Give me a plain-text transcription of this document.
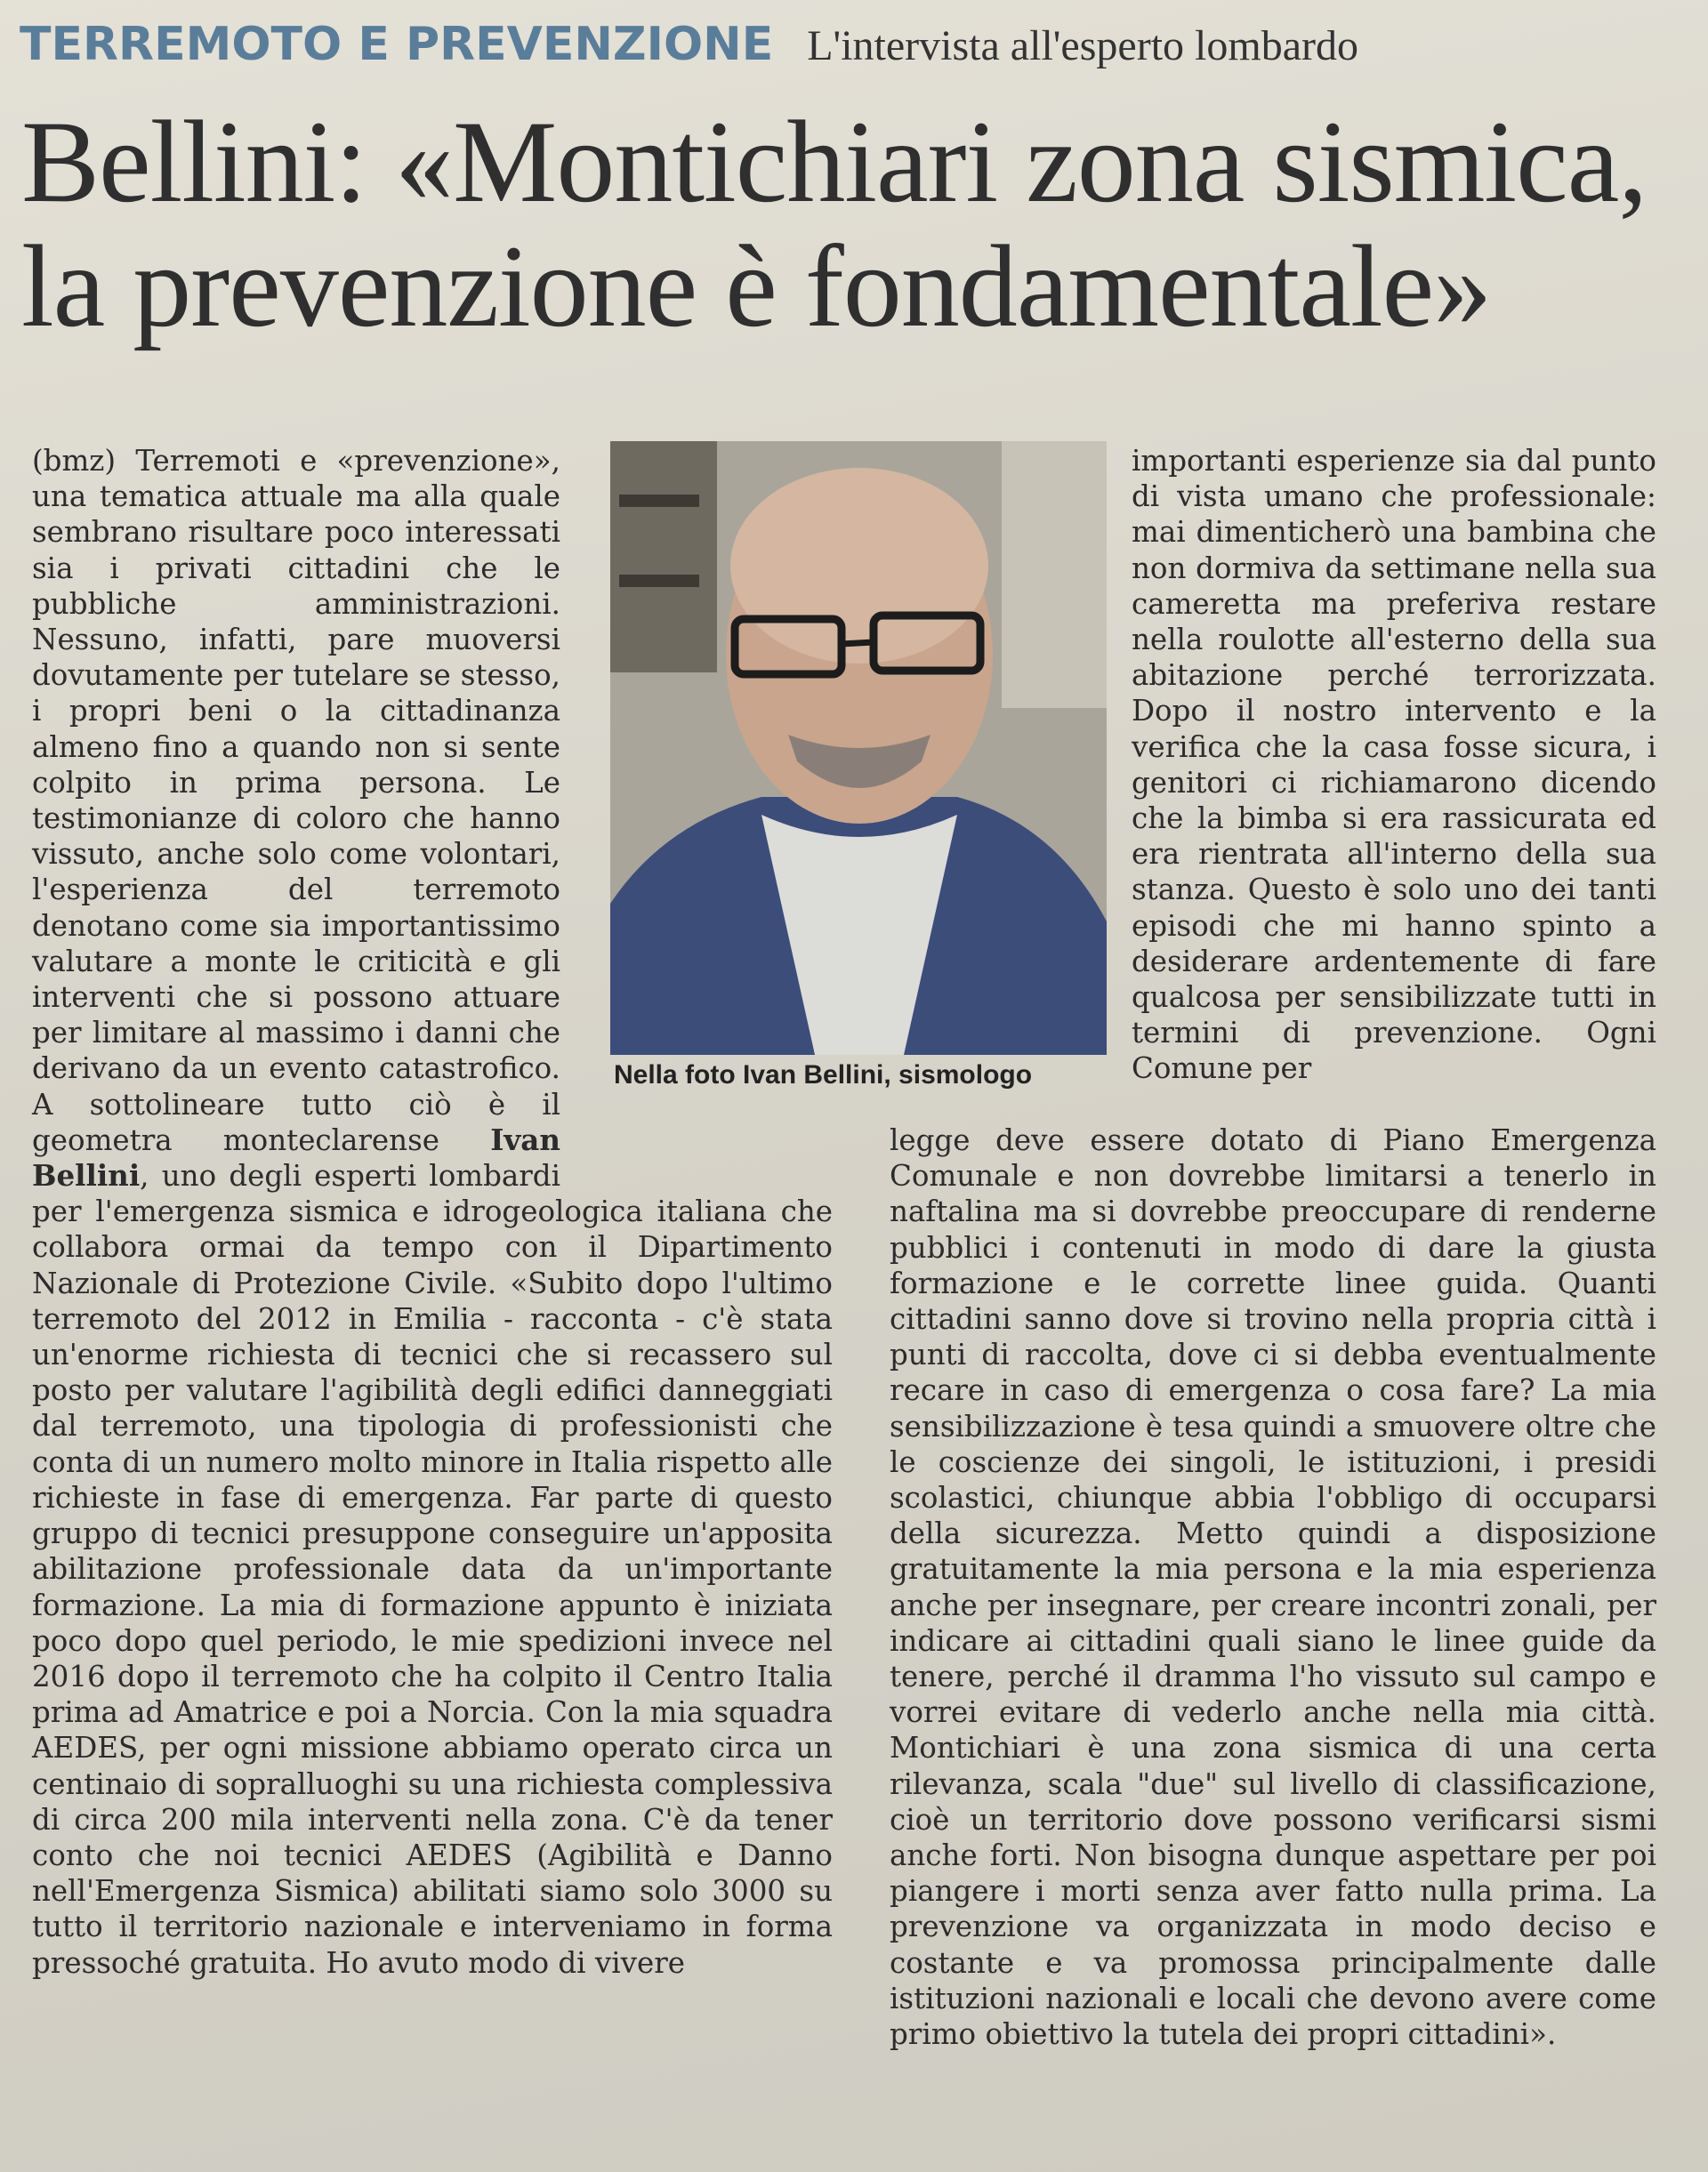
TERREMOTO E PREVENZIONE L'intervista all'esperto lombardo
Bellini: «Montichiari zona sismica,
la prevenzione è fondamentale»

(bmz) Terremoti e «prevenzione», una tematica attuale ma alla quale sembrano risultare poco interessati sia i privati cittadini che le pubbliche amministrazioni. Nessuno, infatti, pare muoversi dovutamente per tutelare se stesso, i propri beni o la cittadinanza almeno fino a quando non si sente colpito in prima persona. Le testimonianze di coloro che hanno vissuto, anche solo come volontari, l'esperienza del terremoto denotano come sia importantissimo valutare a monte le criticità e gli interventi che si possono attuare per limitare al massimo i danni che derivano da un evento catastrofico. A sottolineare tutto ciò è il geometra monteclarense Ivan Bellini, uno degli esperti lombardi per l'emergenza sismica e idrogeologica italiana che collabora ormai da tempo con il Dipartimento Nazionale di Protezione Civile. «Subito dopo l'ultimo terremoto del 2012 in Emilia - racconta - c'è stata un'enorme richiesta di tecnici che si recassero sul posto per valutare l'agibilità degli edifici danneggiati dal terremoto, una tipologia di professionisti che conta di un numero molto minore in Italia rispetto alle richieste in fase di emergenza. Far parte di questo gruppo di tecnici presuppone conseguire un'apposita abilitazione professionale data da un'importante formazione. La mia di formazione appunto è iniziata poco dopo quel periodo, le mie spedizioni invece nel 2016 dopo il terremoto che ha colpito il Centro Italia prima ad Amatrice e poi a Norcia. Con la mia squadra AEDES, per ogni missione abbiamo operato circa un centinaio di sopralluoghi su una richiesta complessiva di circa 200 mila interventi nella zona. C'è da tener conto che noi tecnici AEDES (Agibilità e Danno nell'Emergenza Sismica) abilitati siamo solo 3000 su tutto il territorio nazionale e interveniamo in forma pressoché gratuita. Ho avuto modo di vivere

Nella foto Ivan Bellini, sismologo

importanti esperienze sia dal punto di vista umano che professionale: mai dimenticherò una bambina che non dormiva da settimane nella sua cameretta ma preferiva restare nella roulotte all'esterno della sua abitazione perché terrorizzata. Dopo il nostro intervento e la verifica che la casa fosse sicura, i genitori ci richiamarono dicendo che la bimba si era rassicurata ed era rientrata all'interno della sua stanza. Questo è solo uno dei tanti episodi che mi hanno spinto a desiderare ardentemente di fare qualcosa per sensibilizzate tutti in termini di prevenzione. Ogni Comune per

legge deve essere dotato di Piano Emergenza Comunale e non dovrebbe limitarsi a tenerlo in naftalina ma si dovrebbe preoccupare di renderne pubblici i contenuti in modo di dare la giusta formazione e le corrette linee guida. Quanti cittadini sanno dove si trovino nella propria città i punti di raccolta, dove ci si debba eventualmente recare in caso di emergenza o cosa fare? La mia sensibilizzazione è tesa quindi a smuovere oltre che le coscienze dei singoli, le istituzioni, i presidi scolastici, chiunque abbia l'obbligo di occuparsi della sicurezza. Metto quindi a disposizione gratuitamente la mia persona e la mia esperienza anche per insegnare, per creare incontri zonali, per indicare ai cittadini quali siano le linee guide da tenere, perché il dramma l'ho vissuto sul campo e vorrei evitare di vederlo anche nella mia città. Montichiari è una zona sismica di una certa rilevanza, scala "due" sul livello di classificazione, cioè un territorio dove possono verificarsi sismi anche forti. Non bisogna dunque aspettare per poi piangere i morti senza aver fatto nulla prima. La prevenzione va organizzata in modo deciso e costante e va promossa principalmente dalle istituzioni nazionali e locali che devono avere come primo obiettivo la tutela dei propri cittadini».
